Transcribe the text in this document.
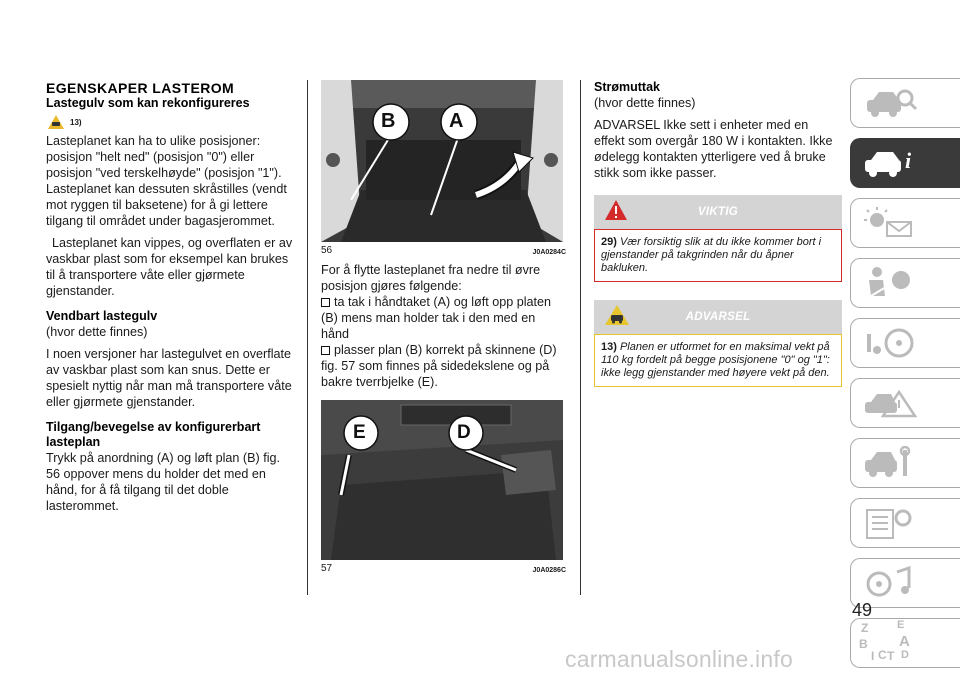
EGENSKAPER LASTEROM
Lastegulv som kan rekonfigureres
13)

Lasteplanet kan ha to ulike posisjoner: posisjon "helt ned" (posisjon "0") eller posisjon "ved terskelhøyde" (posisjon "1"). Lasteplanet kan dessuten skråstilles (vendt mot ryggen til baksetene) for å gi lettere tilgang til området under bagasjerommet.

Lasteplanet kan vippes, og overflaten er av vaskbar plast som for eksempel kan brukes til å transportere våte eller gjørmete gjenstander.

Vendbart lastegulv

(hvor dette finnes)

I noen versjoner har lastegulvet en overflate av vaskbar plast som kan snus. Dette er spesielt nyttig når man må transportere våte eller gjørmete gjenstander.

Tilgang/bevegelse av konfigurerbart lasteplan

Trykk på anordning (A) og løft plan (B) fig. 56 oppover mens du holder det med en hånd, for å få tilgang til det doble lasterommet.

B	A
56	J0A0284C

For å flytte lasteplanet fra nedre til øvre posisjon gjøres følgende:

ta tak i håndtaket (A) og løft opp platen (B) mens man holder tak i den med en hånd

plasser plan (B) korrekt på skinnene (D) fig. 57 som finnes på sidedekslene og på bakre tverrbjelke (E).

E	D
57	J0A0286C
Strømuttak

(hvor dette finnes)

ADVARSEL Ikke sett i enheter med en effekt som overgår 180 W i kontakten. Ikke ødelegg kontakten ytterligere ved å bruke stikk som ikke passer.

VIKTIG
29) Vær forsiktig slik at du ikke kommer bort i gjenstander på takgrinden når du åpner bakluken.
ADVARSEL
13) Planen er utformet for en maksimal vekt på 110 kg fordelt på begge posisjonene "0" og "1": ikke legg gjenstander med høyere vekt på den.
i
Z	E
B A
I C T D
49
carmanualsonline.info
